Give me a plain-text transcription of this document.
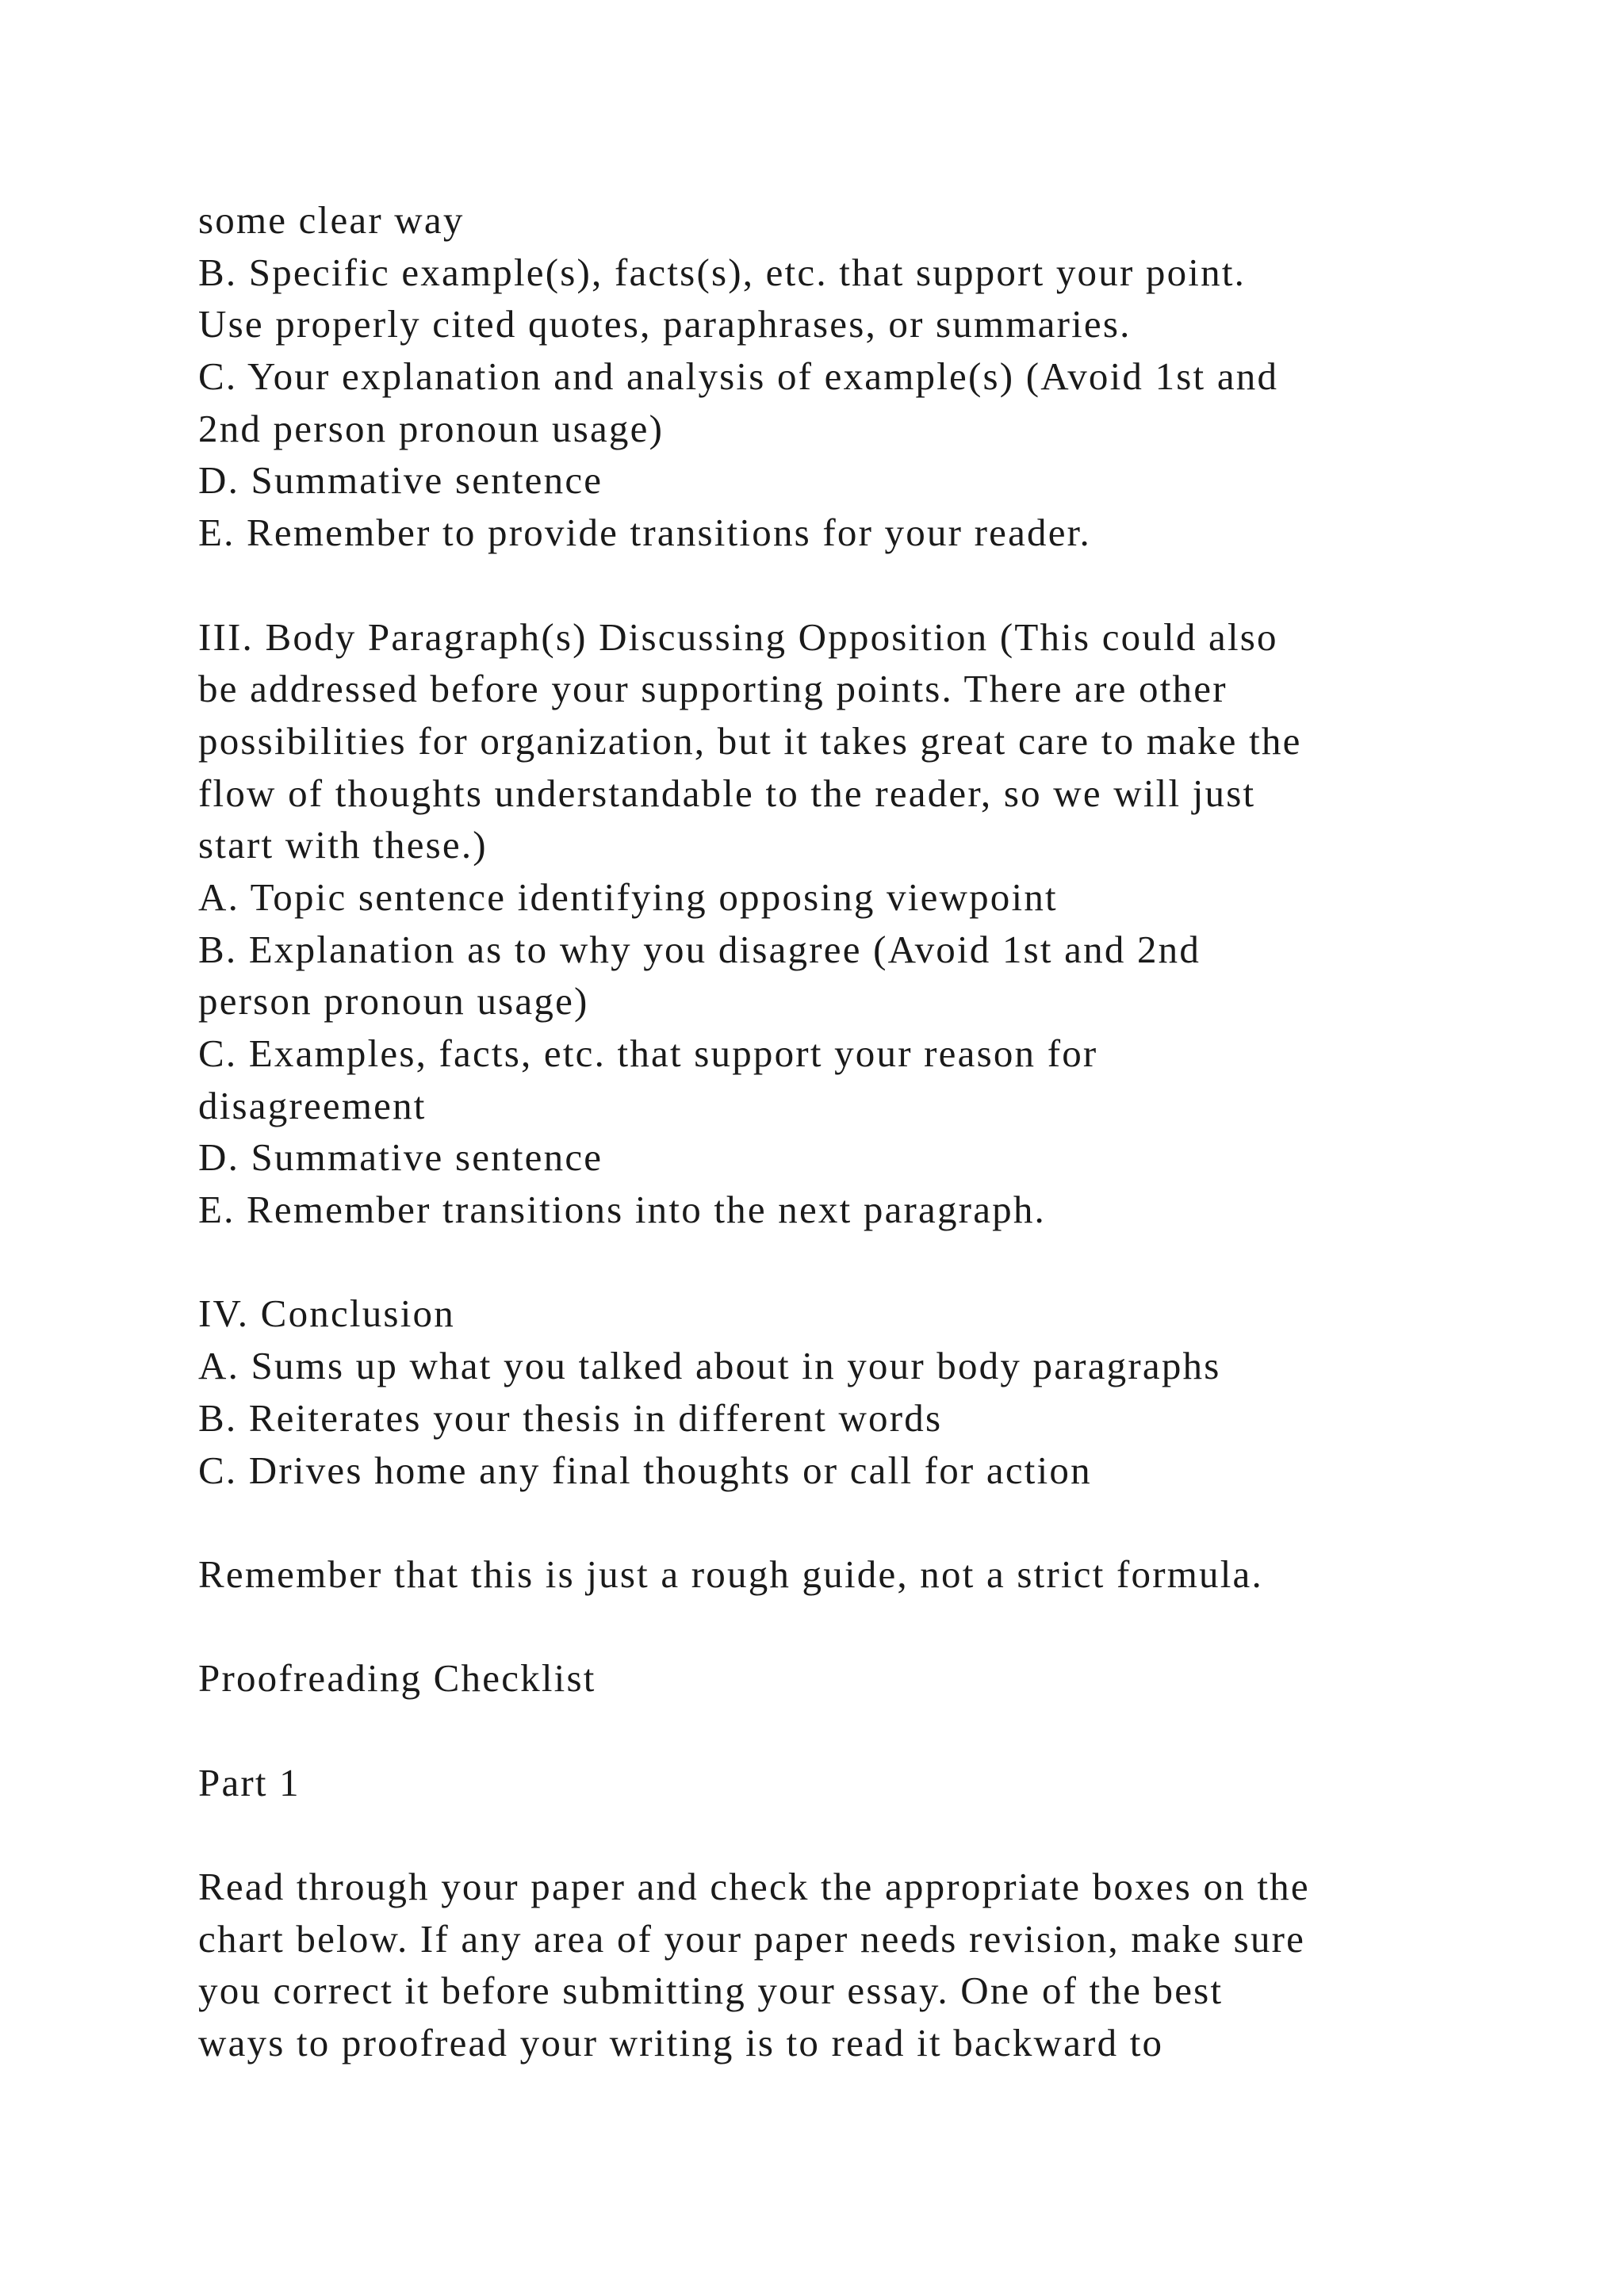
some clear way
B. Specific example(s), facts(s), etc. that support your point.
Use properly cited quotes, paraphrases, or summaries.
C. Your explanation and analysis of example(s) (Avoid 1st and
2nd person pronoun usage)
D. Summative sentence
E. Remember to provide transitions for your reader.
III. Body Paragraph(s) Discussing Opposition (This could also
be addressed before your supporting points. There are other
possibilities for organization, but it takes great care to make the
flow of thoughts understandable to the reader, so we will just
start with these.)
A. Topic sentence identifying opposing viewpoint
B. Explanation as to why you disagree (Avoid 1st and 2nd
person pronoun usage)
C. Examples, facts, etc. that support your reason for
disagreement
D. Summative sentence
E. Remember transitions into the next paragraph.
IV. Conclusion
A. Sums up what you talked about in your body paragraphs
B. Reiterates your thesis in different words
C. Drives home any final thoughts or call for action
Remember that this is just a rough guide, not a strict formula.
Proofreading Checklist
Part 1
Read through your paper and check the appropriate boxes on the
chart below. If any area of your paper needs revision, make sure
you correct it before submitting your essay. One of the best
ways to proofread your writing is to read it backward to
